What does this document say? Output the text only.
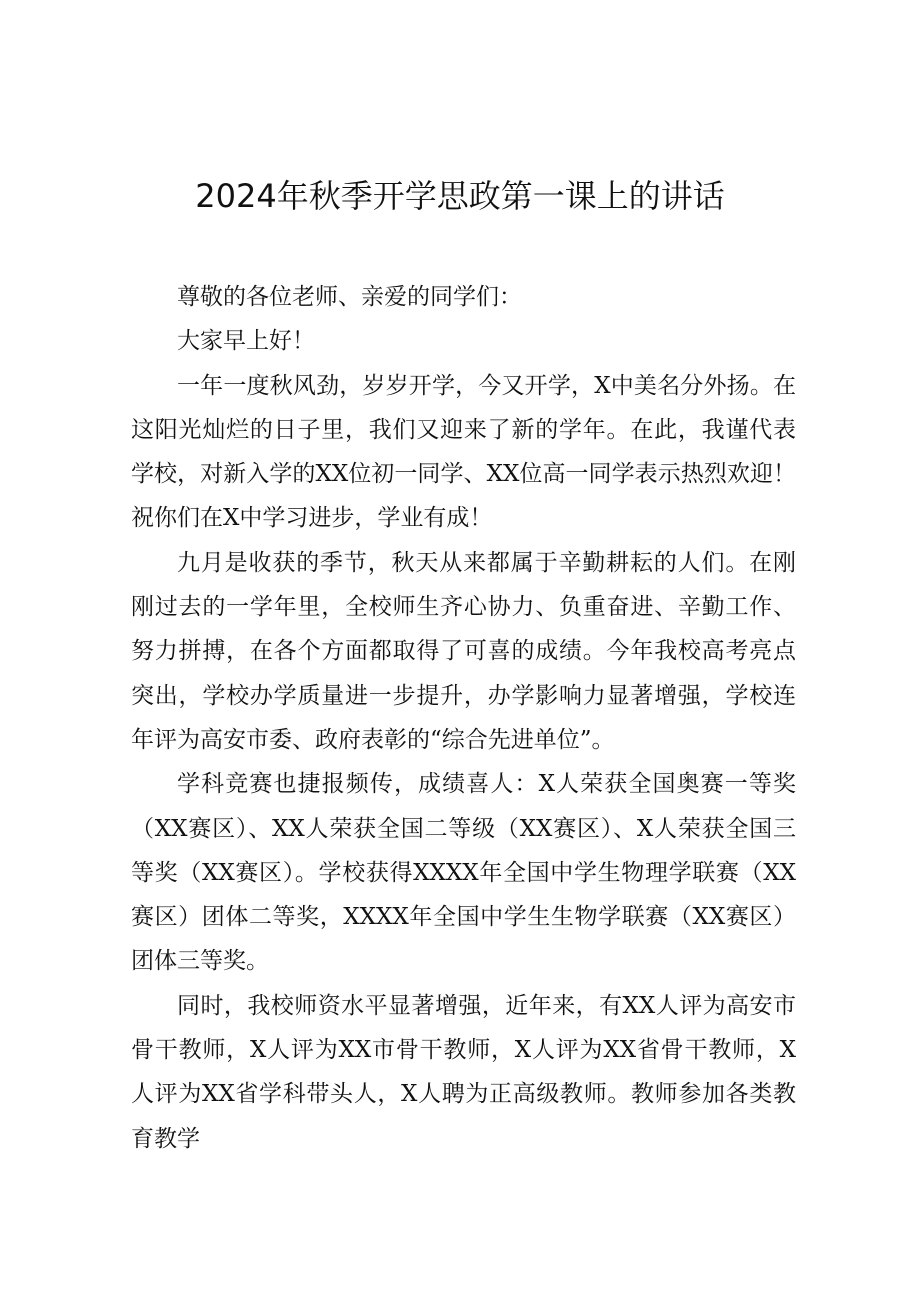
2024年秋季开学思政第一课上的讲话

尊敬的各位老师、亲爱的同学们：

大家早上好！

一年一度秋风劲，岁岁开学，今又开学，X中美名分外扬。在这阳光灿烂的日子里，我们又迎来了新的学年。在此，我谨代表学校，对新入学的XX位初一同学、XX位高一同学表示热烈欢迎！祝你们在X中学习进步，学业有成！

九月是收获的季节，秋天从来都属于辛勤耕耘的人们。在刚刚过去的一学年里，全校师生齐心协力、负重奋进、辛勤工作、努力拼搏，在各个方面都取得了可喜的成绩。今年我校高考亮点突出，学校办学质量进一步提升，办学影响力显著增强，学校连年评为高安市委、政府表彰的“综合先进单位”。

学科竞赛也捷报频传，成绩喜人：X人荣获全国奥赛一等奖（XX赛区）、XX人荣获全国二等级（XX赛区）、X人荣获全国三等奖（XX赛区）。学校获得XXXX年全国中学生物理学联赛（XX赛区）团体二等奖，XXXX年全国中学生生物学联赛（XX赛区）团体三等奖。

同时，我校师资水平显著增强，近年来，有XX人评为高安市骨干教师，X人评为XX市骨干教师，X人评为XX省骨干教师，X人评为XX省学科带头人，X人聘为正高级教师。教师参加各类教育教学
